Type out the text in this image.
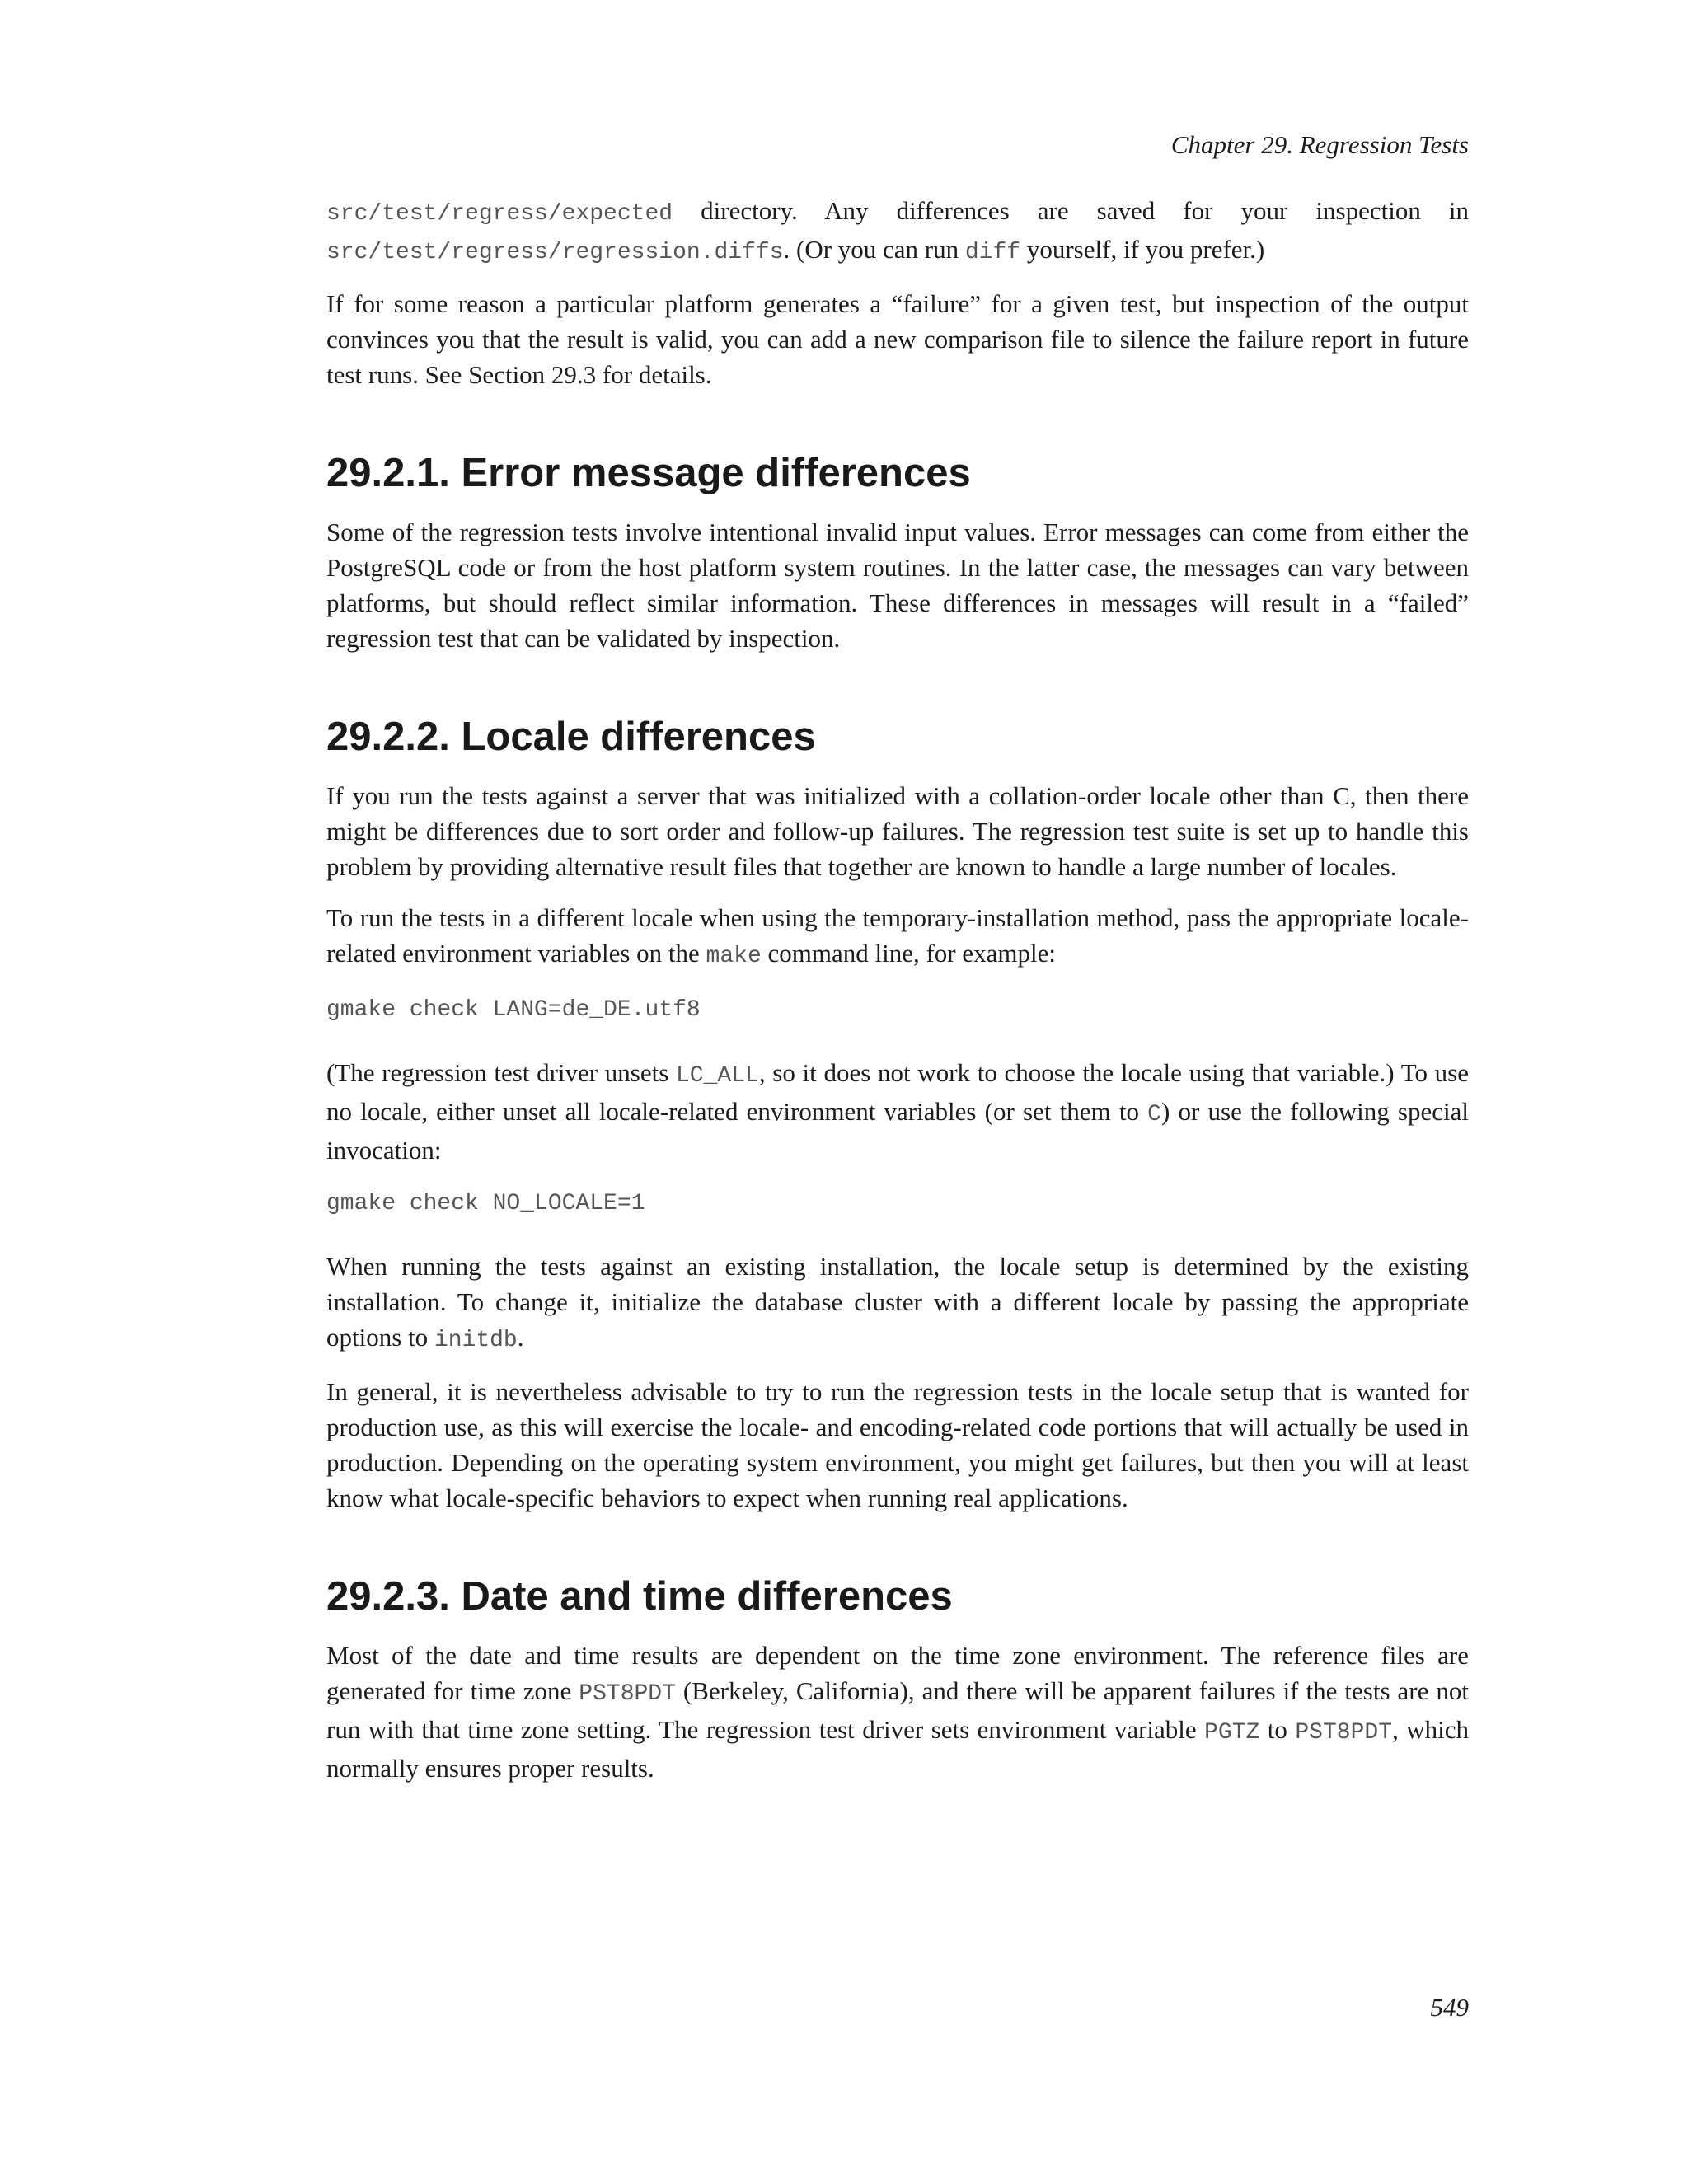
Chapter 29. Regression Tests

src/test/regress/expected directory. Any differences are saved for your inspection in src/test/regress/regression.diffs. (Or you can run diff yourself, if you prefer.)

If for some reason a particular platform generates a “failure” for a given test, but inspection of the output convinces you that the result is valid, you can add a new comparison file to silence the failure report in future test runs. See Section 29.3 for details.

29.2.1. Error message differences

Some of the regression tests involve intentional invalid input values. Error messages can come from either the PostgreSQL code or from the host platform system routines. In the latter case, the messages can vary between platforms, but should reflect similar information. These differences in messages will result in a “failed” regression test that can be validated by inspection.

29.2.2. Locale differences

If you run the tests against a server that was initialized with a collation-order locale other than C, then there might be differences due to sort order and follow-up failures. The regression test suite is set up to handle this problem by providing alternative result files that together are known to handle a large number of locales.

To run the tests in a different locale when using the temporary-installation method, pass the appropriate locale-related environment variables on the make command line, for example:

gmake check LANG=de_DE.utf8

(The regression test driver unsets LC_ALL, so it does not work to choose the locale using that variable.) To use no locale, either unset all locale-related environment variables (or set them to C) or use the following special invocation:

gmake check NO_LOCALE=1

When running the tests against an existing installation, the locale setup is determined by the existing installation. To change it, initialize the database cluster with a different locale by passing the appropriate options to initdb.

In general, it is nevertheless advisable to try to run the regression tests in the locale setup that is wanted for production use, as this will exercise the locale- and encoding-related code portions that will actually be used in production. Depending on the operating system environment, you might get failures, but then you will at least know what locale-specific behaviors to expect when running real applications.

29.2.3. Date and time differences

Most of the date and time results are dependent on the time zone environment. The reference files are generated for time zone PST8PDT (Berkeley, California), and there will be apparent failures if the tests are not run with that time zone setting. The regression test driver sets environment variable PGTZ to PST8PDT, which normally ensures proper results.

549
